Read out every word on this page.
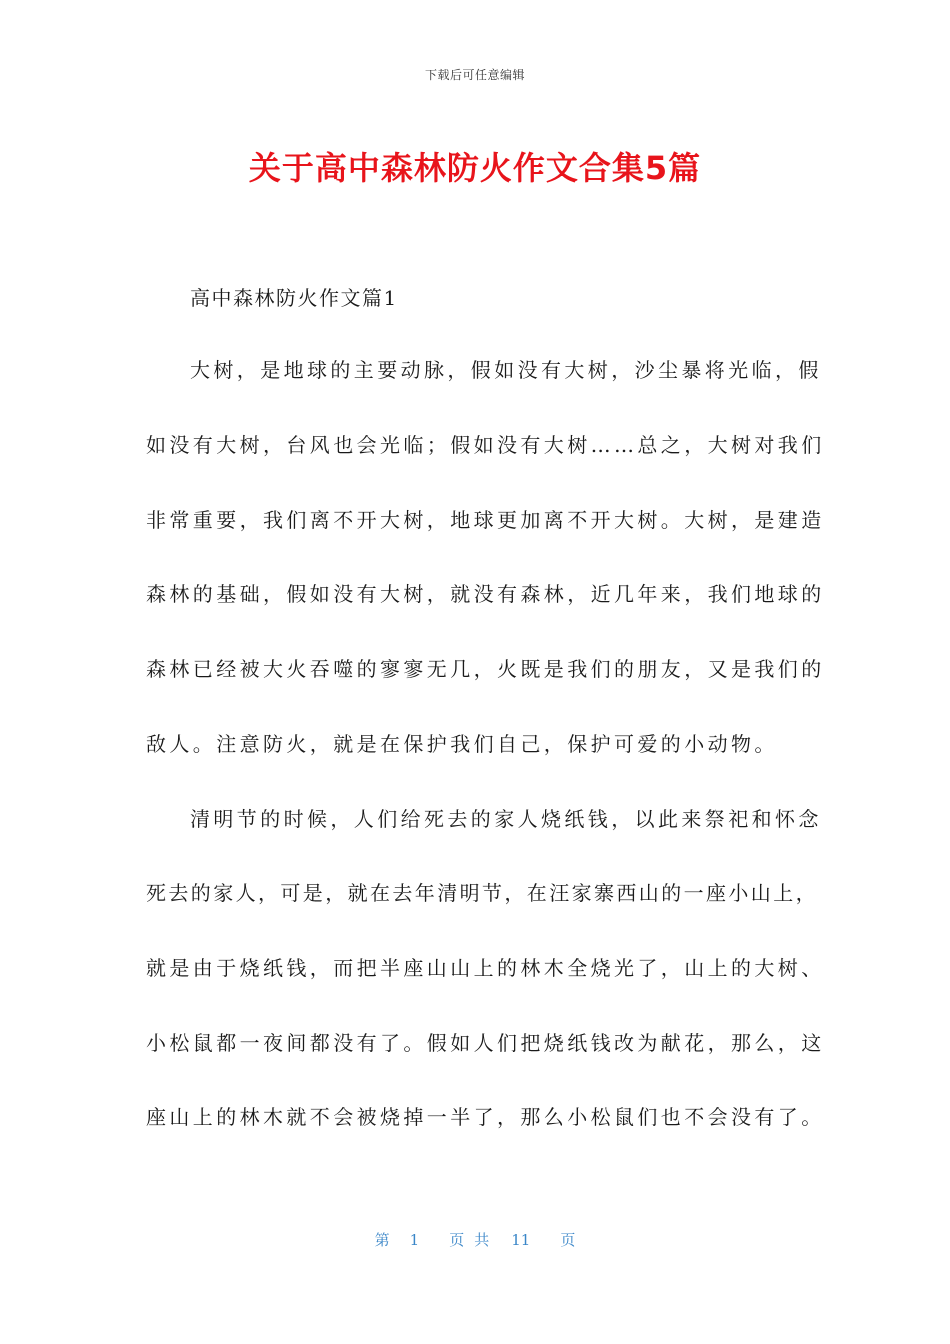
下载后可任意编辑
关于高中森林防火作文合集5篇
高中森林防火作文篇1
大树，是地球的主要动脉，假如没有大树，沙尘暴将光临，假
如没有大树，台风也会光临；假如没有大树……总之，大树对我们
非常重要，我们离不开大树，地球更加离不开大树。大树，是建造
森林的基础，假如没有大树，就没有森林，近几年来，我们地球的
森林已经被大火吞噬的寥寥无几，火既是我们的朋友，又是我们的
敌人。注意防火，就是在保护我们自己，保护可爱的小动物。
清明节的时候，人们给死去的家人烧纸钱，以此来祭祀和怀念
死去的家人，可是，就在去年清明节，在汪家寨西山的一座小山上，
就是由于烧纸钱，而把半座山山上的林木全烧光了，山上的大树、
小松鼠都一夜间都没有了。假如人们把烧纸钱改为献花，那么，这
座山上的林木就不会被烧掉一半了，那么小松鼠们也不会没有了。
第 1 页共 11 页
